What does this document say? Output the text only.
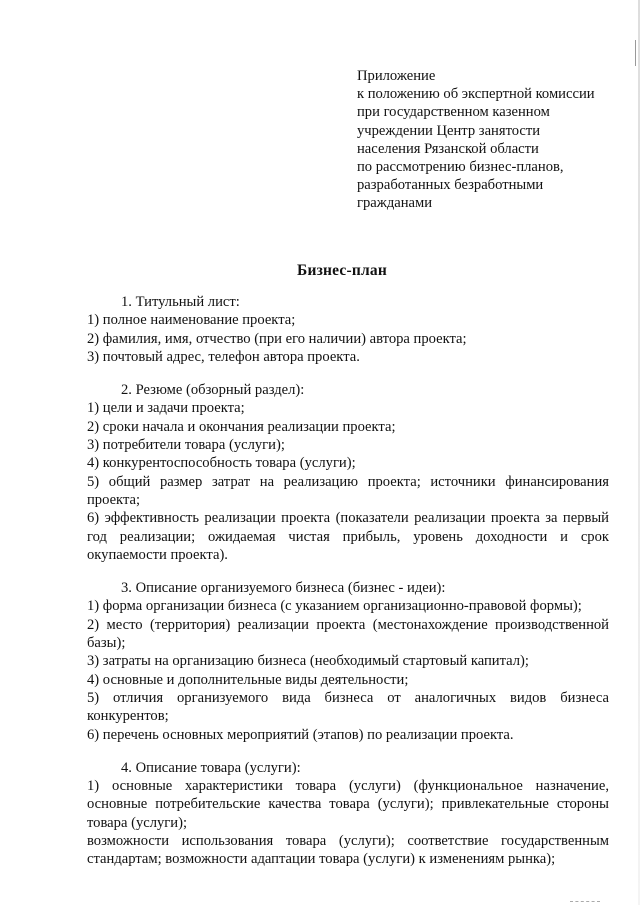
Приложение
к положению об экспертной комиссии
при государственном казенном
учреждении Центр занятости
населения Рязанской области
по рассмотрению бизнес-планов,
разработанных безработными
гражданами
Бизнес-план
1. Титульный лист:
1) полное наименование проекта;
2) фамилия, имя, отчество (при его наличии) автора проекта;
3) почтовый адрес, телефон автора проекта.
2. Резюме (обзорный раздел):
1) цели и задачи проекта;
2) сроки начала и окончания реализации проекта;
3) потребители товара (услуги);
4) конкурентоспособность товара (услуги);
5) общий размер затрат на реализацию проекта; источники финансирования проекта;
6) эффективность реализации проекта (показатели реализации проекта за первый год реализации; ожидаемая чистая прибыль, уровень доходности и срок окупаемости проекта).
3. Описание организуемого бизнеса (бизнес - идеи):
1) форма организации бизнеса (с указанием организационно-правовой формы);
2) место (территория) реализации проекта (местонахождение производственной базы);
3) затраты на организацию бизнеса (необходимый стартовый капитал);
4) основные и дополнительные виды деятельности;
5) отличия организуемого вида бизнеса от аналогичных видов бизнеса конкурентов;
6) перечень основных мероприятий (этапов) по реализации проекта.
4. Описание товара (услуги):
1) основные характеристики товара (услуги) (функциональное назначение, основные потребительские качества товара (услуги); привлекательные стороны товара (услуги);
возможности использования товара (услуги); соответствие государственным стандартам; возможности адаптации товара (услуги) к изменениям рынка);
